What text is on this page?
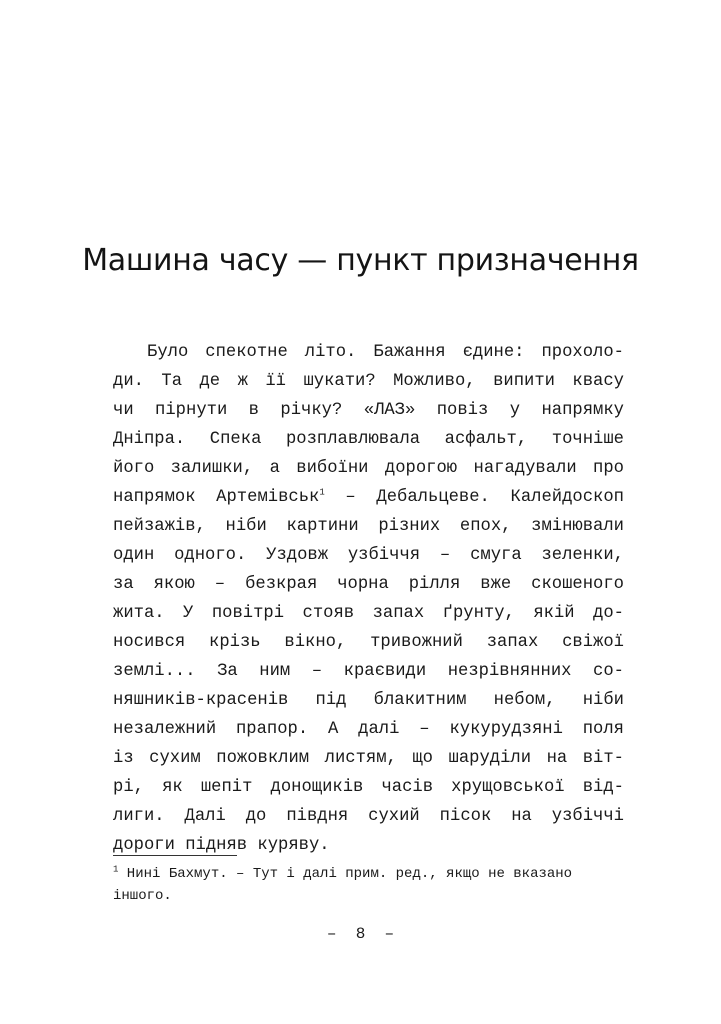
Машина часу — пункт призначення
Було спекотне літо. Бажання єдине: прохоло-
ди. Та де ж її шукати? Можливо, випити квасу
чи пірнути в річку? «ЛАЗ» повіз у напрямку
Дніпра. Спека розплавлювала асфальт, точніше
його залишки, а вибоїни дорогою нагадували про
напрямок Артемівськ$^1$ – Дебальцеве. Калейдоскоп
пейзажів, ніби картини різних епох, змінювали
один одного. Уздовж узбіччя – смуга зеленки,
за якою – безкрая чорна рілля вже скошеного
жита. У повітрі стояв запах ґрунту, якій до-
носився крізь вікно, тривожний запах свіжої
землі... За ним – краєвиди незрівнянних со-
няшників-красенів під блакитним небом, ніби
незалежний прапор. А далі – кукурудзяні поля
із сухим пожовклим листям, що шаруділи на віт-
рі, як шепіт донощиків часів хрущовської від-
лиги. Далі до півдня сухий пісок на узбіччі
дороги підняв куряву.
$^1$ Нині Бахмут. – Тут і далі прим. ред., якщо не вказано
іншого.
–  8  –
